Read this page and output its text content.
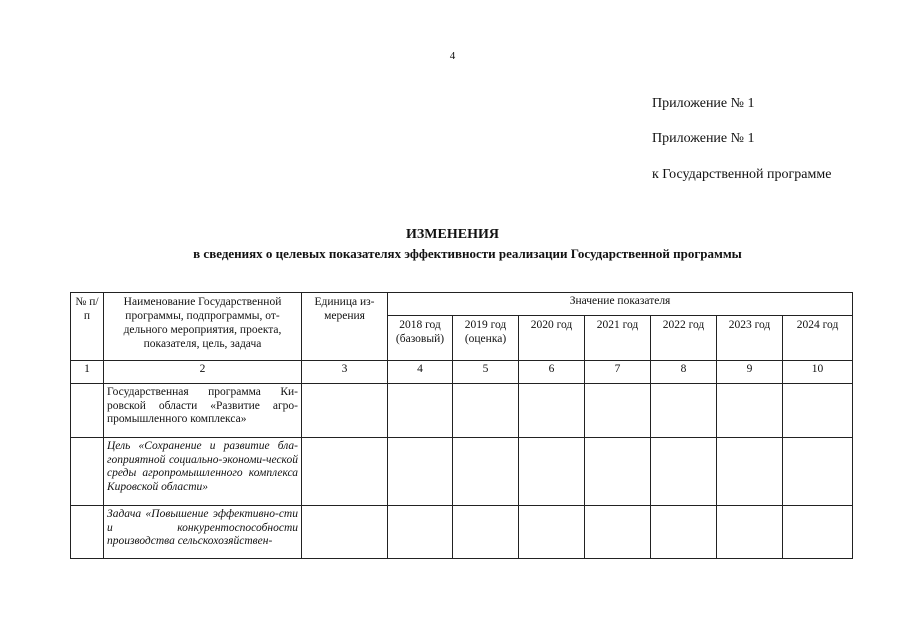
4
Приложение № 1
Приложение № 1
к Государственной программе
ИЗМЕНЕНИЯ
в сведениях о целевых показателях эффективности реализации Государственной программы
№ п/п	Наименование Государственной программы, подпрограммы, от-дельного мероприятия, проекта, показателя, цель, задача	Единица из-мерения	Значение показателя						
			2018 год (базовый)	2019 год (оценка)	2020 год	2021 год	2022 год	2023 год	2024 год
1	2	3	4	5	6	7	8	9	10
	Государственная программа Ки-ровской области «Развитие агро-промышленного комплекса»								
	Цель «Сохранение и развитие бла-гоприятной социально-экономи-ческой среды агропромышленного комплекса Кировской области»								
	Задача «Повышение эффективно-сти и конкурентоспособности производства сельскохозяйствен-								
